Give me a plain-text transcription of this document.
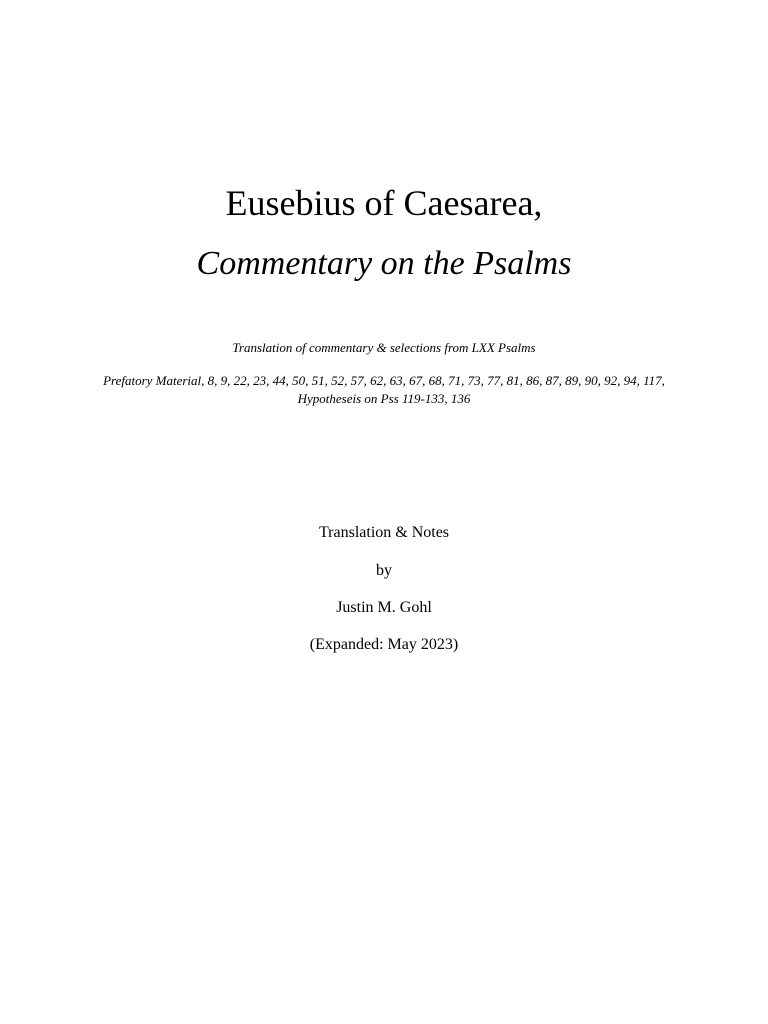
Eusebius of Caesarea,
Commentary on the Psalms
Translation of commentary & selections from LXX Psalms
Prefatory Material, 8, 9, 22, 23, 44, 50, 51, 52, 57, 62, 63, 67, 68, 71, 73, 77, 81, 86, 87, 89, 90, 92, 94, 117,
Hypotheseis on Pss 119-133, 136
Translation & Notes
by
Justin M. Gohl
(Expanded: May 2023)
